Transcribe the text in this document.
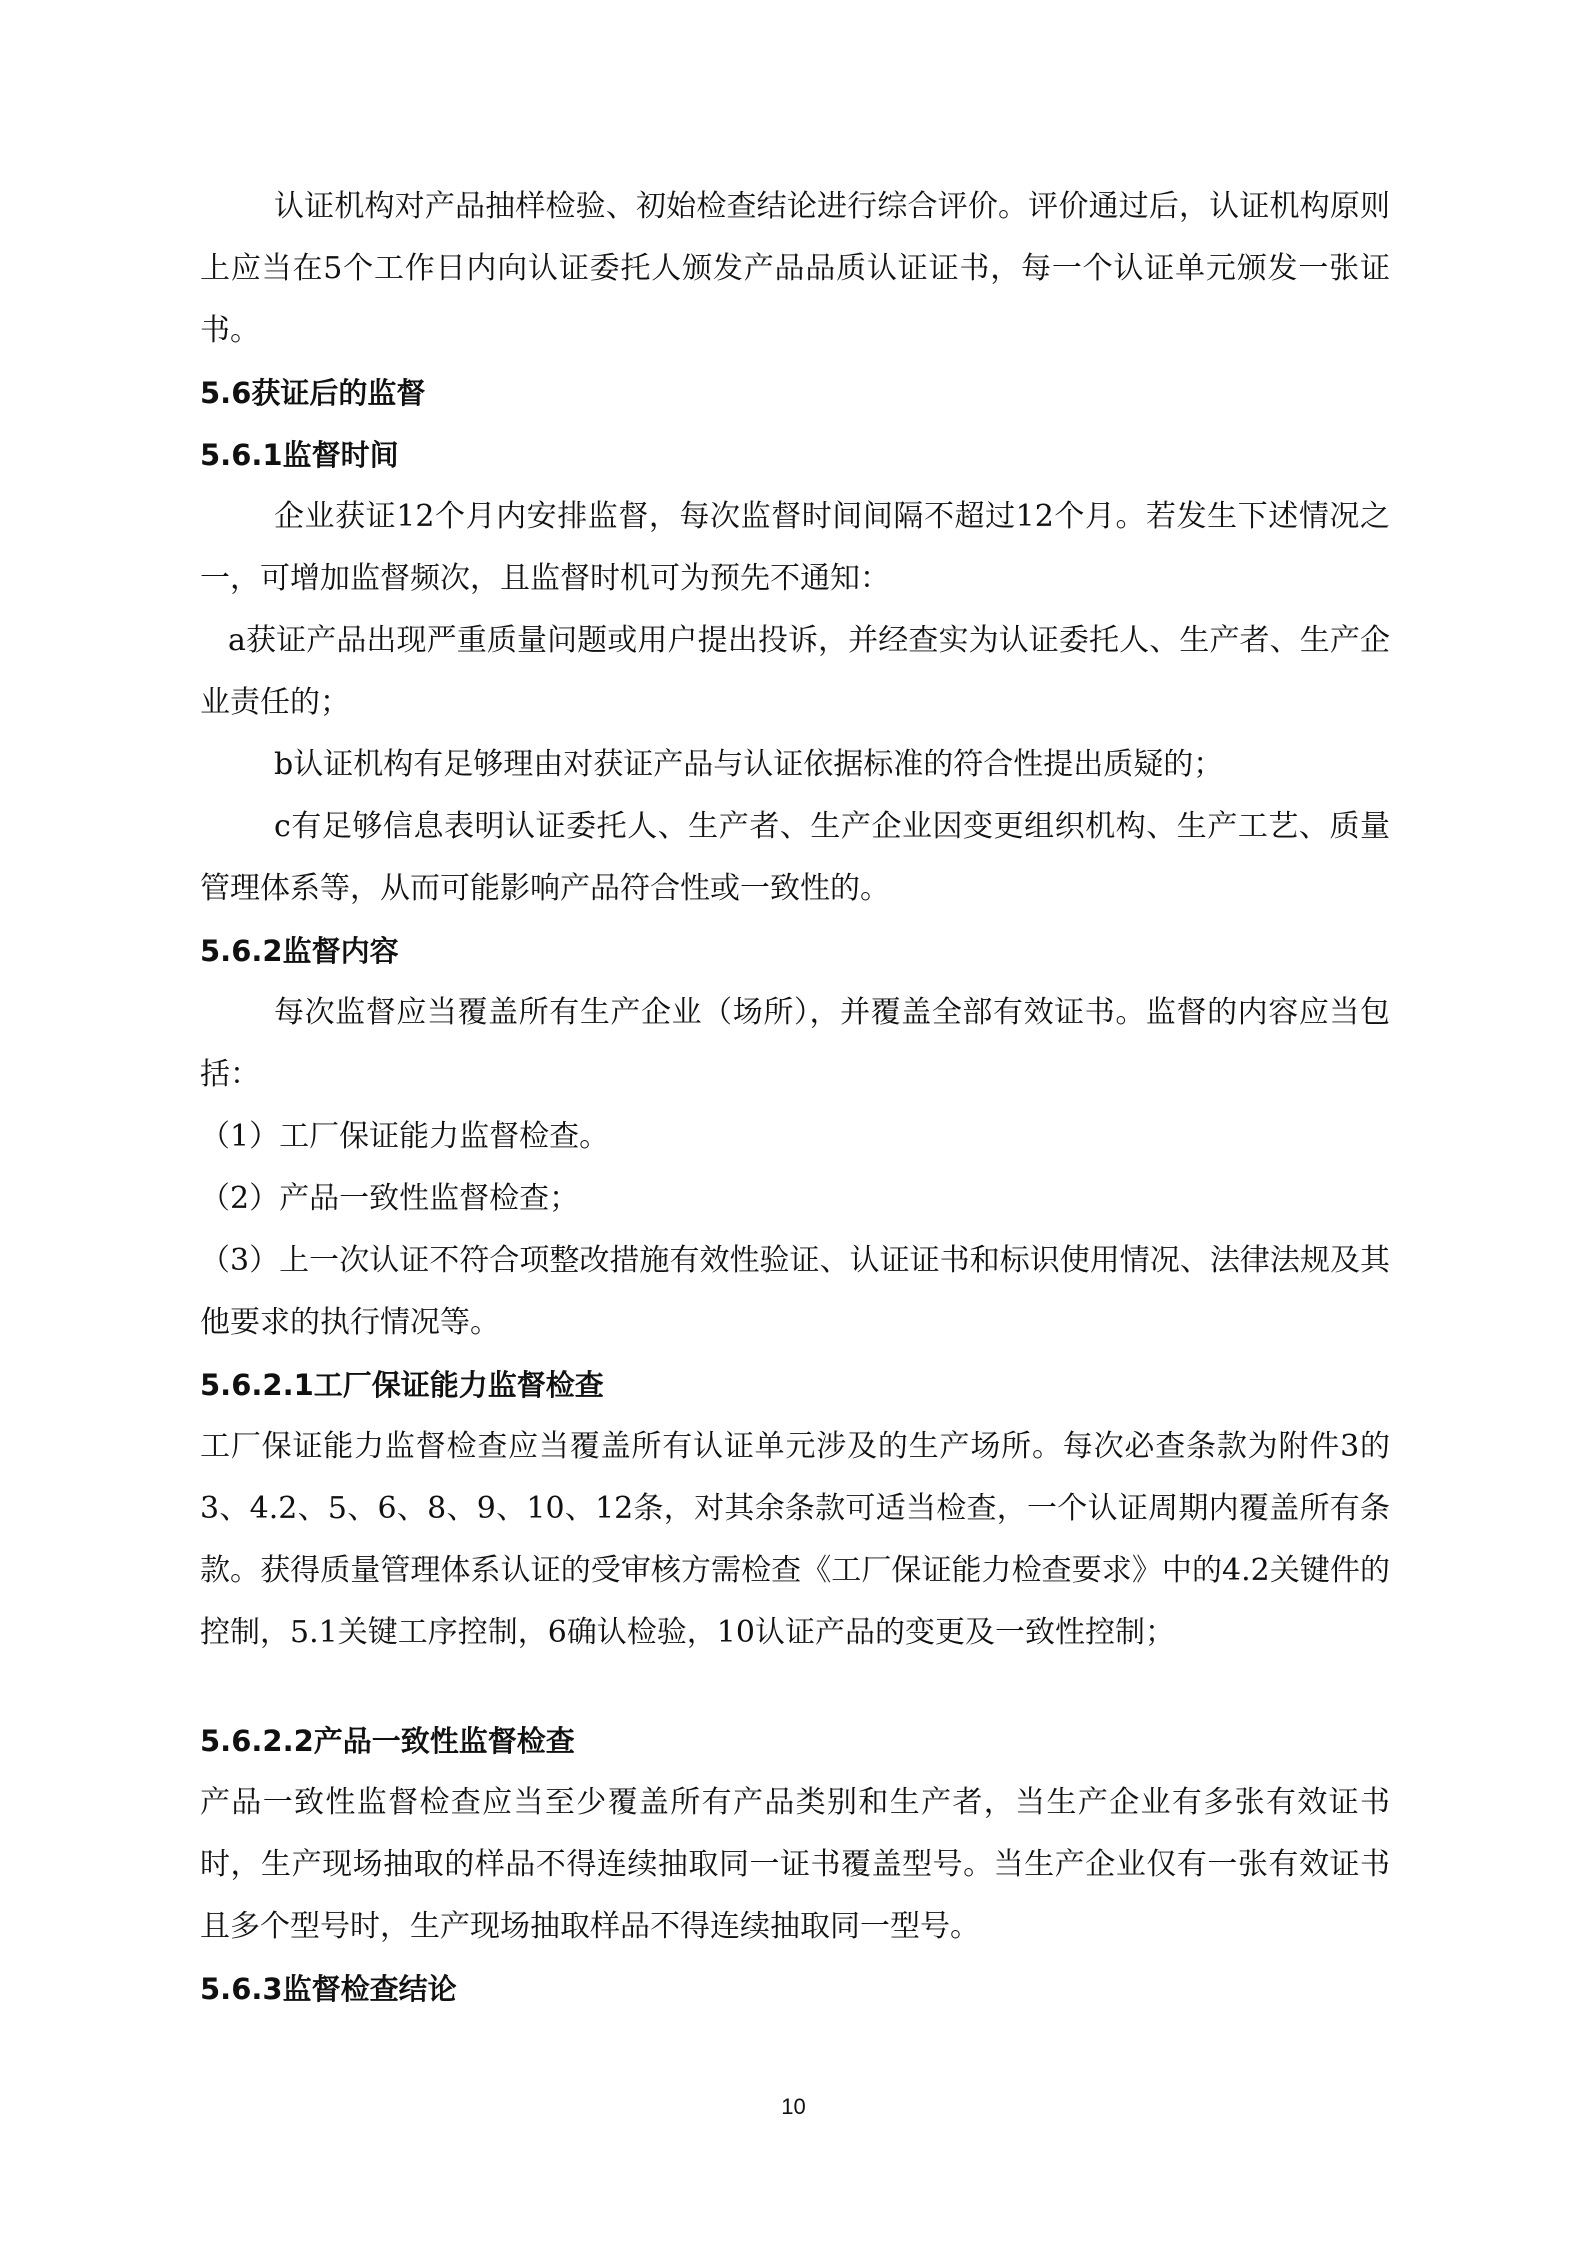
认证机构对产品抽样检验、初始检查结论进行综合评价。评价通过后，认证机构原则上应当在5个工作日内向认证委托人颁发产品品质认证证书，每一个认证单元颁发一张证书。

5.6获证后的监督

5.6.1监督时间

企业获证12个月内安排监督，每次监督时间间隔不超过12个月。若发生下述情况之一，可增加监督频次，且监督时机可为预先不通知：

a获证产品出现严重质量问题或用户提出投诉，并经查实为认证委托人、生产者、生产企业责任的；

b认证机构有足够理由对获证产品与认证依据标准的符合性提出质疑的；

c有足够信息表明认证委托人、生产者、生产企业因变更组织机构、生产工艺、质量管理体系等，从而可能影响产品符合性或一致性的。

5.6.2监督内容

每次监督应当覆盖所有生产企业（场所），并覆盖全部有效证书。监督的内容应当包括：

（1）工厂保证能力监督检查。

（2）产品一致性监督检查；

（3）上一次认证不符合项整改措施有效性验证、认证证书和标识使用情况、法律法规及其他要求的执行情况等。

5.6.2.1工厂保证能力监督检查

工厂保证能力监督检查应当覆盖所有认证单元涉及的生产场所。每次必查条款为附件3的3、4.2、5、6、8、9、10、12条，对其余条款可适当检查，一个认证周期内覆盖所有条款。获得质量管理体系认证的受审核方需检查《工厂保证能力检查要求》中的4.2关键件的控制，5.1关键工序控制，6确认检验，10认证产品的变更及一致性控制；

5.6.2.2产品一致性监督检查

产品一致性监督检查应当至少覆盖所有产品类别和生产者，当生产企业有多张有效证书时，生产现场抽取的样品不得连续抽取同一证书覆盖型号。当生产企业仅有一张有效证书且多个型号时，生产现场抽取样品不得连续抽取同一型号。

5.6.3监督检查结论

10
